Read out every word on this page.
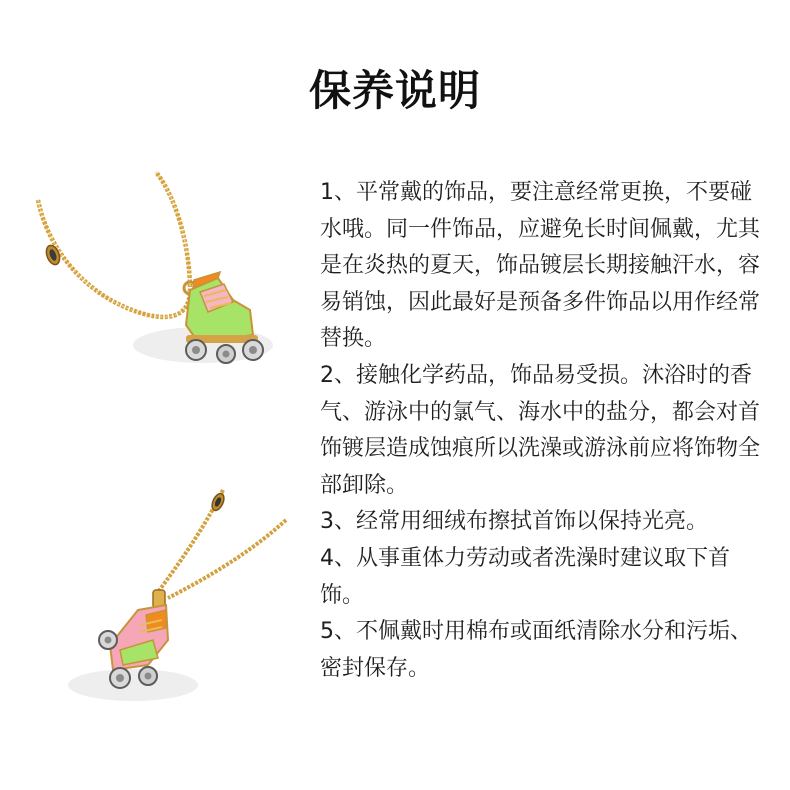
保养说明
1、平常戴的饰品，要注意经常更换，不要碰水哦。同一件饰品，应避免长时间佩戴，尤其是在炎热的夏天，饰品镀层长期接触汗水，容易销蚀，因此最好是预备多件饰品以用作经常替换。
2、接触化学药品，饰品易受损。沐浴时的香气、游泳中的氯气、海水中的盐分，都会对首饰镀层造成蚀痕所以洗澡或游泳前应将饰物全部卸除。
3、经常用细绒布擦拭首饰以保持光亮。
4、从事重体力劳动或者洗澡时建议取下首饰。
5、不佩戴时用棉布或面纸清除水分和污垢、密封保存。
